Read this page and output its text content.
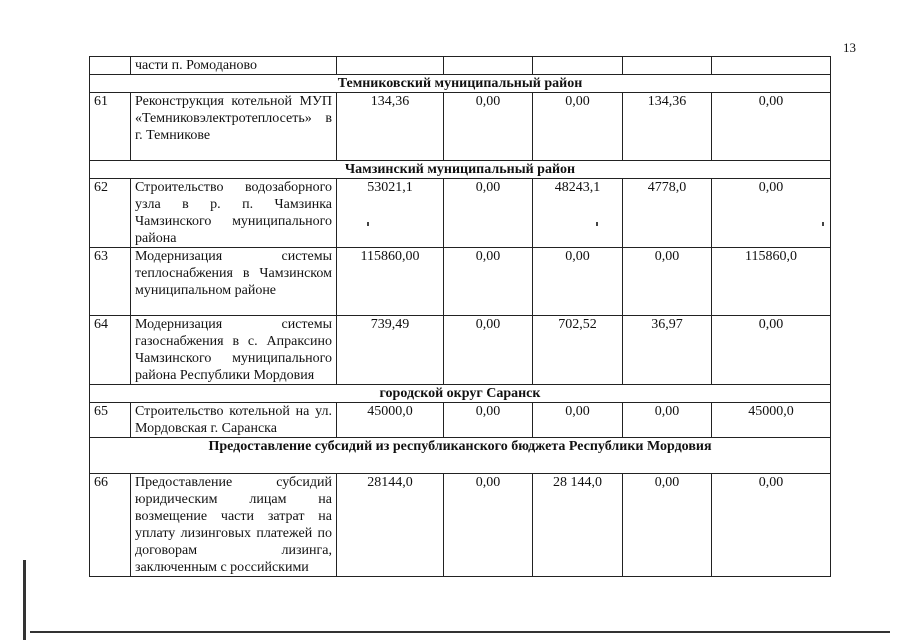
13
	части п. Ромоданово					
Темниковский муниципальный район						
61	Реконструкция котельной МУП «Темниковэлектротеплосеть» в г. Темникове	134,36	0,00	0,00	134,36	0,00
Чамзинский муниципальный район						
62	Строительство водозаборного узла в р. п. Чамзинка Чамзинского муниципального района	53021,1	0,00	48243,1	4778,0	0,00
63	Модернизация системы теплоснабжения в Чамзинском муниципальном районе	115860,00	0,00	0,00	0,00	115860,0
64	Модернизация системы газоснабжения в с. Апраксино Чамзинского муниципального района Республики Мордовия	739,49	0,00	702,52	36,97	0,00
городской округ Саранск						
65	Строительство котельной на ул. Мордовская г. Саранска	45000,0	0,00	0,00	0,00	45000,0
Предоставление субсидий из республиканского бюджета Республики Мордовия						
66	Предоставление субсидий юридическим лицам на возмещение части затрат на уплату лизинговых платежей по договорам лизинга, заключенным с российскими	28144,0	0,00	28 144,0	0,00	0,00
